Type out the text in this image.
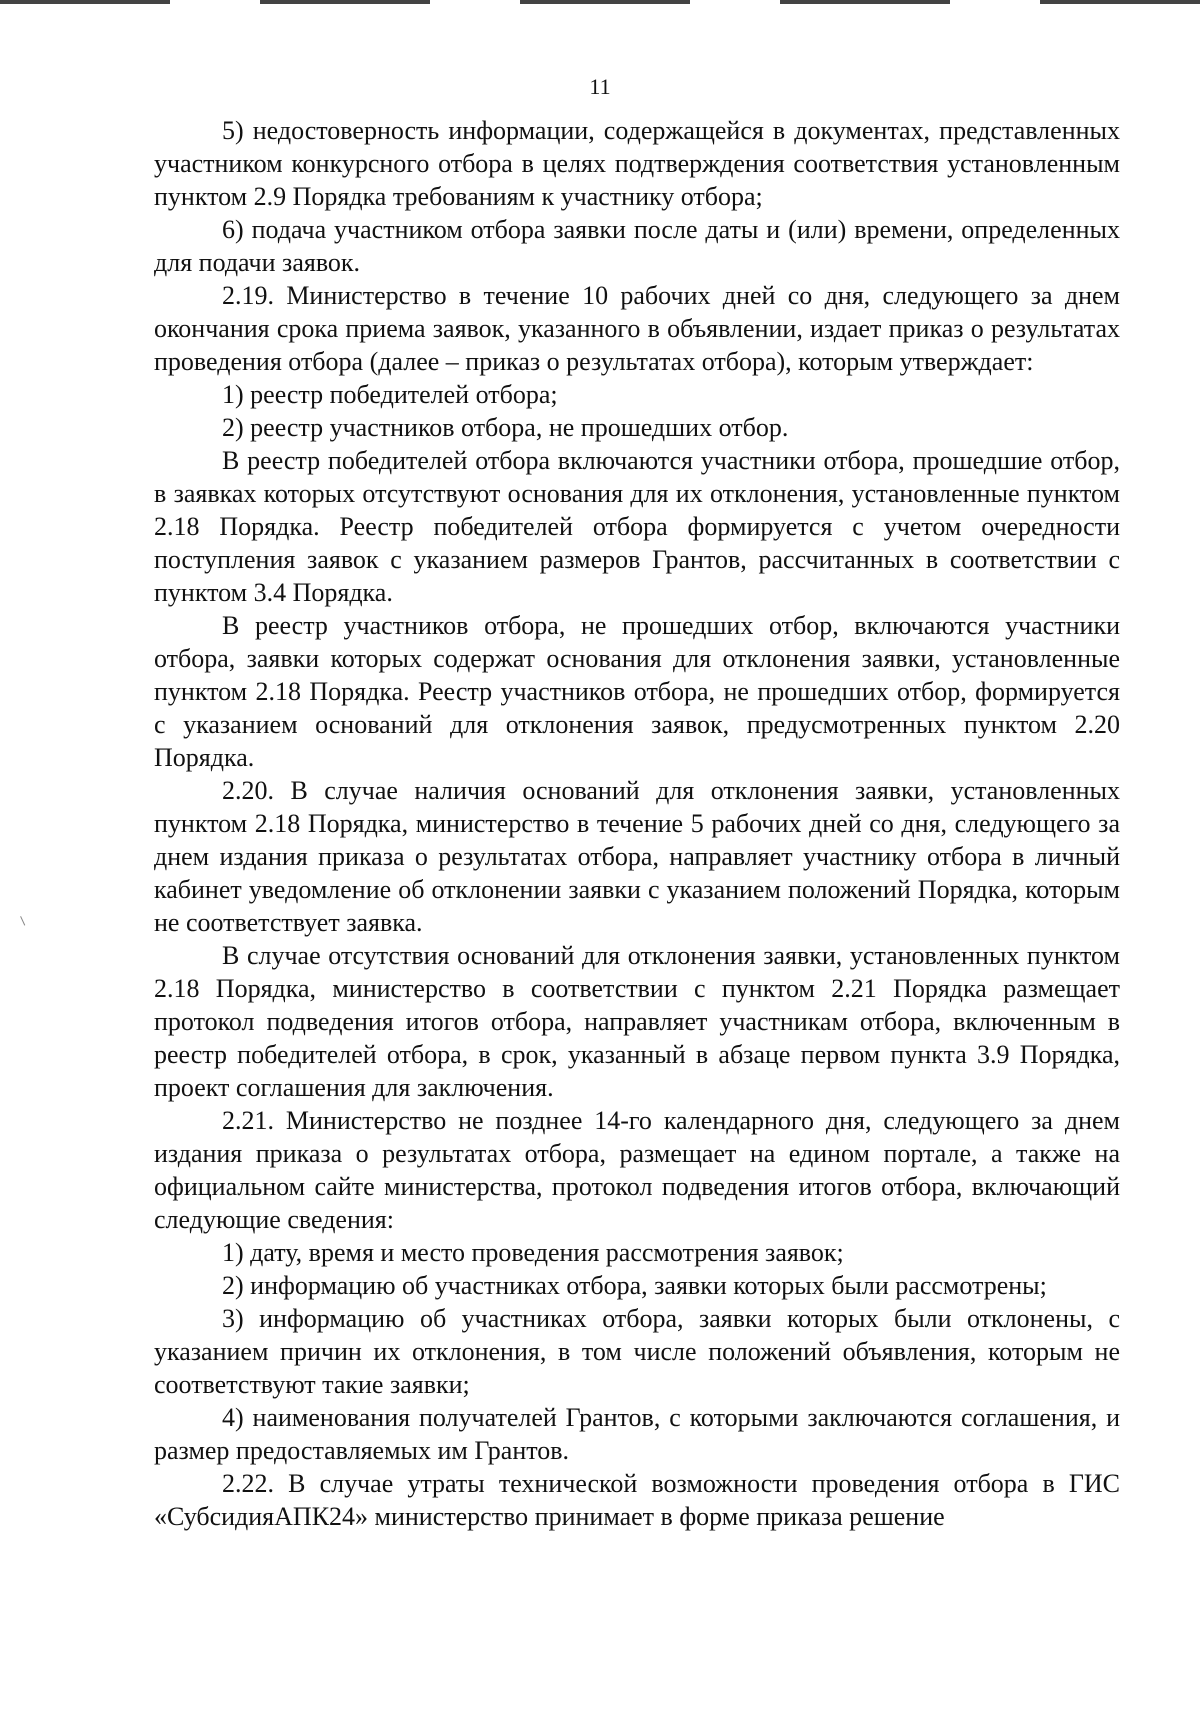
11

5) недостоверность информации, содержащейся в документах, представленных участником конкурсного отбора в целях подтверждения соответствия установленным пунктом 2.9 Порядка требованиям к участнику отбора;

6) подача участником отбора заявки после даты и (или) времени, определенных для подачи заявок.

2.19. Министерство в течение 10 рабочих дней со дня, следующего за днем окончания срока приема заявок, указанного в объявлении, издает приказ о результатах проведения отбора (далее – приказ о результатах отбора), которым утверждает:

1) реестр победителей отбора;

2) реестр участников отбора, не прошедших отбор.

В реестр победителей отбора включаются участники отбора, прошедшие отбор, в заявках которых отсутствуют основания для их отклонения, установленные пунктом 2.18 Порядка. Реестр победителей отбора формируется с учетом очередности поступления заявок с указанием размеров Грантов, рассчитанных в соответствии с пунктом 3.4 Порядка.

В реестр участников отбора, не прошедших отбор, включаются участники отбора, заявки которых содержат основания для отклонения заявки, установленные пунктом 2.18 Порядка. Реестр участников отбора, не прошедших отбор, формируется с указанием оснований для отклонения заявок, предусмотренных пунктом 2.20 Порядка.

2.20. В случае наличия оснований для отклонения заявки, установленных пунктом 2.18 Порядка, министерство в течение 5 рабочих дней со дня, следующего за днем издания приказа о результатах отбора, направляет участнику отбора в личный кабинет уведомление об отклонении заявки с указанием положений Порядка, которым не соответствует заявка.

В случае отсутствия оснований для отклонения заявки, установленных пунктом 2.18 Порядка, министерство в соответствии с пунктом 2.21 Порядка размещает протокол подведения итогов отбора, направляет участникам отбора, включенным в реестр победителей отбора, в срок, указанный в абзаце первом пункта 3.9 Порядка, проект соглашения для заключения.

2.21. Министерство не позднее 14-го календарного дня, следующего за днем издания приказа о результатах отбора, размещает на едином портале, а также на официальном сайте министерства, протокол подведения итогов отбора, включающий следующие сведения:

1) дату, время и место проведения рассмотрения заявок;

2) информацию об участниках отбора, заявки которых были рассмотрены;

3) информацию об участниках отбора, заявки которых были отклонены, с указанием причин их отклонения, в том числе положений объявления, которым не соответствуют такие заявки;

4) наименования получателей Грантов, с которыми заключаются соглашения, и размер предоставляемых им Грантов.

2.22. В случае утраты технической возможности проведения отбора в ГИС «СубсидияАПК24» министерство принимает в форме приказа решение
